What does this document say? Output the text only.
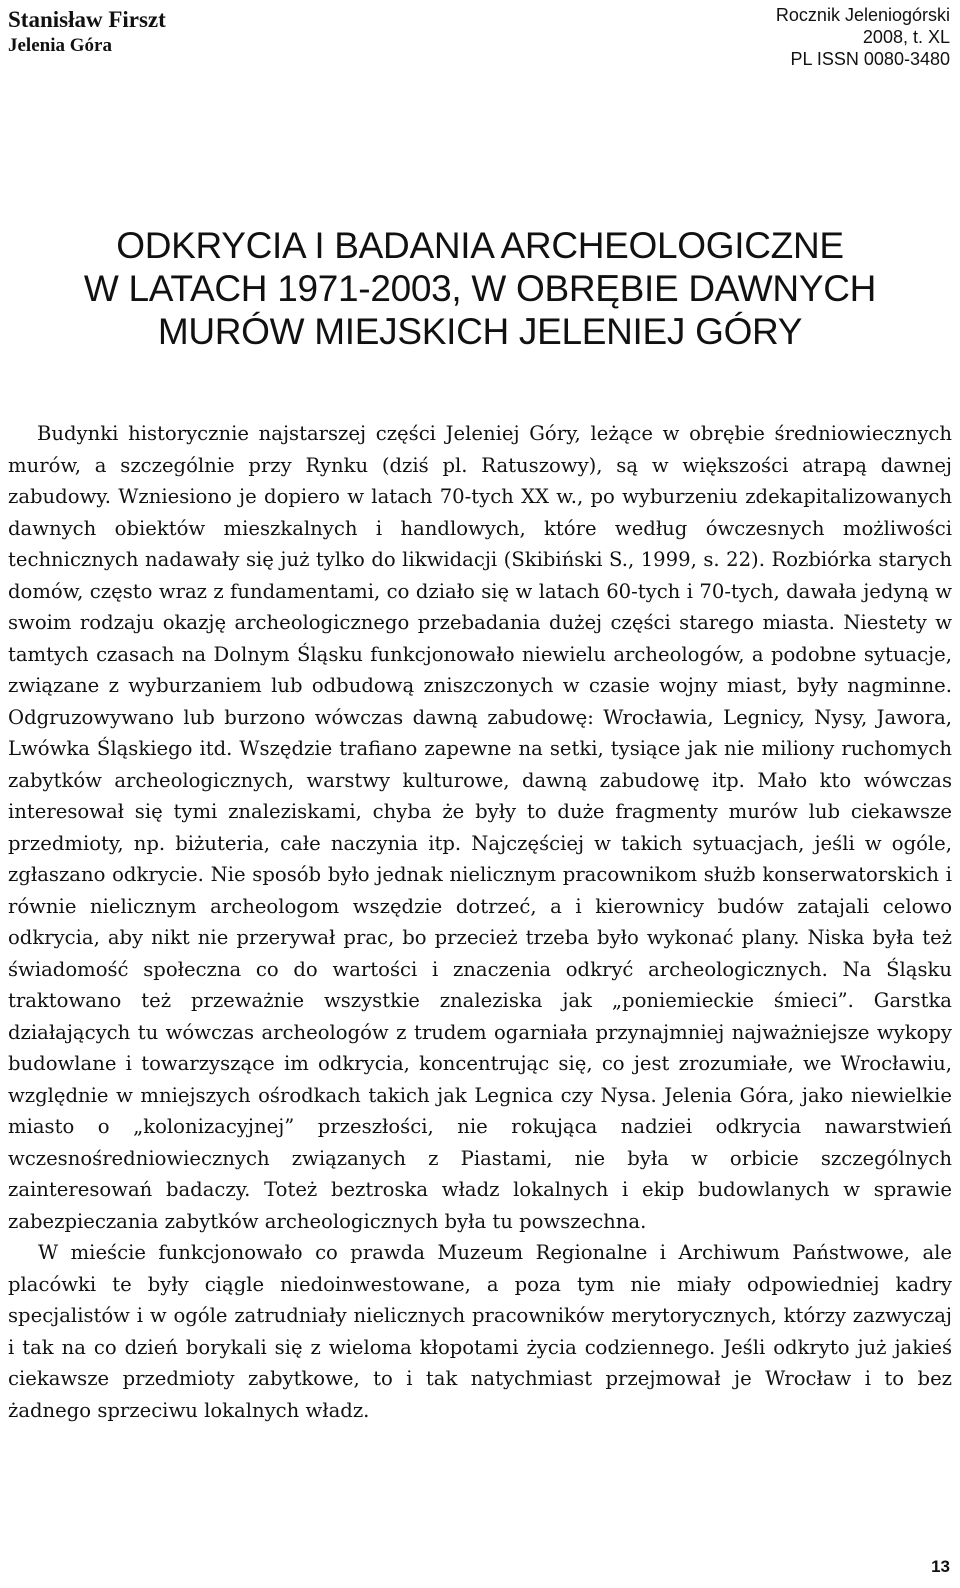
Stanisław Firszt
Jelenia Góra
Rocznik Jeleniogórski
2008, t. XL
PL ISSN 0080-3480
ODKRYCIA I BADANIA ARCHEOLOGICZNE
W LATACH 1971-2003, W OBRĘBIE DAWNYCH
MURÓW MIEJSKICH JELENIEJ GÓRY

Budynki historycznie najstarszej części Jeleniej Góry, leżące w obrębie średniowiecznych murów, a szczególnie przy Rynku (dziś pl. Ratuszowy), są w większości atrapą dawnej zabudowy. Wzniesiono je dopiero w latach 70-tych XX w., po wyburzeniu zdekapitalizowanych dawnych obiektów mieszkalnych i handlowych, które według ówczesnych możliwości technicznych nadawały się już tylko do likwidacji (Skibiński S., 1999, s. 22). Rozbiórka starych domów, często wraz z fundamentami, co działo się w latach 60-tych i 70-tych, dawała jedyną w swoim rodzaju okazję archeologicznego przebadania dużej części starego miasta. Niestety w tamtych czasach na Dolnym Śląsku funkcjonowało niewielu archeologów, a podobne sytuacje, związane z wyburzaniem lub odbudową zniszczonych w czasie wojny miast, były nagminne. Odgruzowywano lub burzono wówczas dawną zabudowę: Wrocławia, Legnicy, Nysy, Jawora, Lwówka Śląskiego itd. Wszędzie trafiano zapewne na setki, tysiące jak nie miliony ruchomych zabytków archeologicznych, warstwy kulturowe, dawną zabudowę itp. Mało kto wówczas interesował się tymi znaleziskami, chyba że były to duże fragmenty murów lub ciekawsze przedmioty, np. biżuteria, całe naczynia itp. Najczęściej w takich sytuacjach, jeśli w ogóle, zgłaszano odkrycie. Nie sposób było jednak nielicznym pracownikom służb konserwatorskich i równie nielicznym archeologom wszędzie dotrzeć, a i kierownicy budów zatajali celowo odkrycia, aby nikt nie przerywał prac, bo przecież trzeba było wykonać plany. Niska była też świadomość społeczna co do wartości i znaczenia odkryć archeologicznych. Na Śląsku traktowano też przeważnie wszystkie znaleziska jak „poniemieckie śmieci”. Garstka działających tu wówczas archeologów z trudem ogarniała przynajmniej najważniejsze wykopy budowlane i towarzyszące im odkrycia, koncentrując się, co jest zrozumiałe, we Wrocławiu, względnie w mniejszych ośrodkach takich jak Legnica czy Nysa. Jelenia Góra, jako niewielkie miasto o „kolonizacyjnej” przeszłości, nie rokująca nadziei odkrycia nawarstwień wczesnośredniowiecznych związanych z Piastami, nie była w orbicie szczególnych zainteresowań badaczy. Toteż beztroska władz lokalnych i ekip budowlanych w sprawie zabezpieczania zabytków archeologicznych była tu powszechna.

W mieście funkcjonowało co prawda Muzeum Regionalne i Archiwum Państwowe, ale placówki te były ciągle niedoinwestowane, a poza tym nie miały odpowiedniej kadry specjalistów i w ogóle zatrudniały nielicznych pracowników merytorycznych, którzy zazwyczaj i tak na co dzień borykali się z wieloma kłopotami życia codziennego. Jeśli odkryto już jakieś ciekawsze przedmioty zabytkowe, to i tak natychmiast przejmował je Wrocław i to bez żadnego sprzeciwu lokalnych władz.

13
